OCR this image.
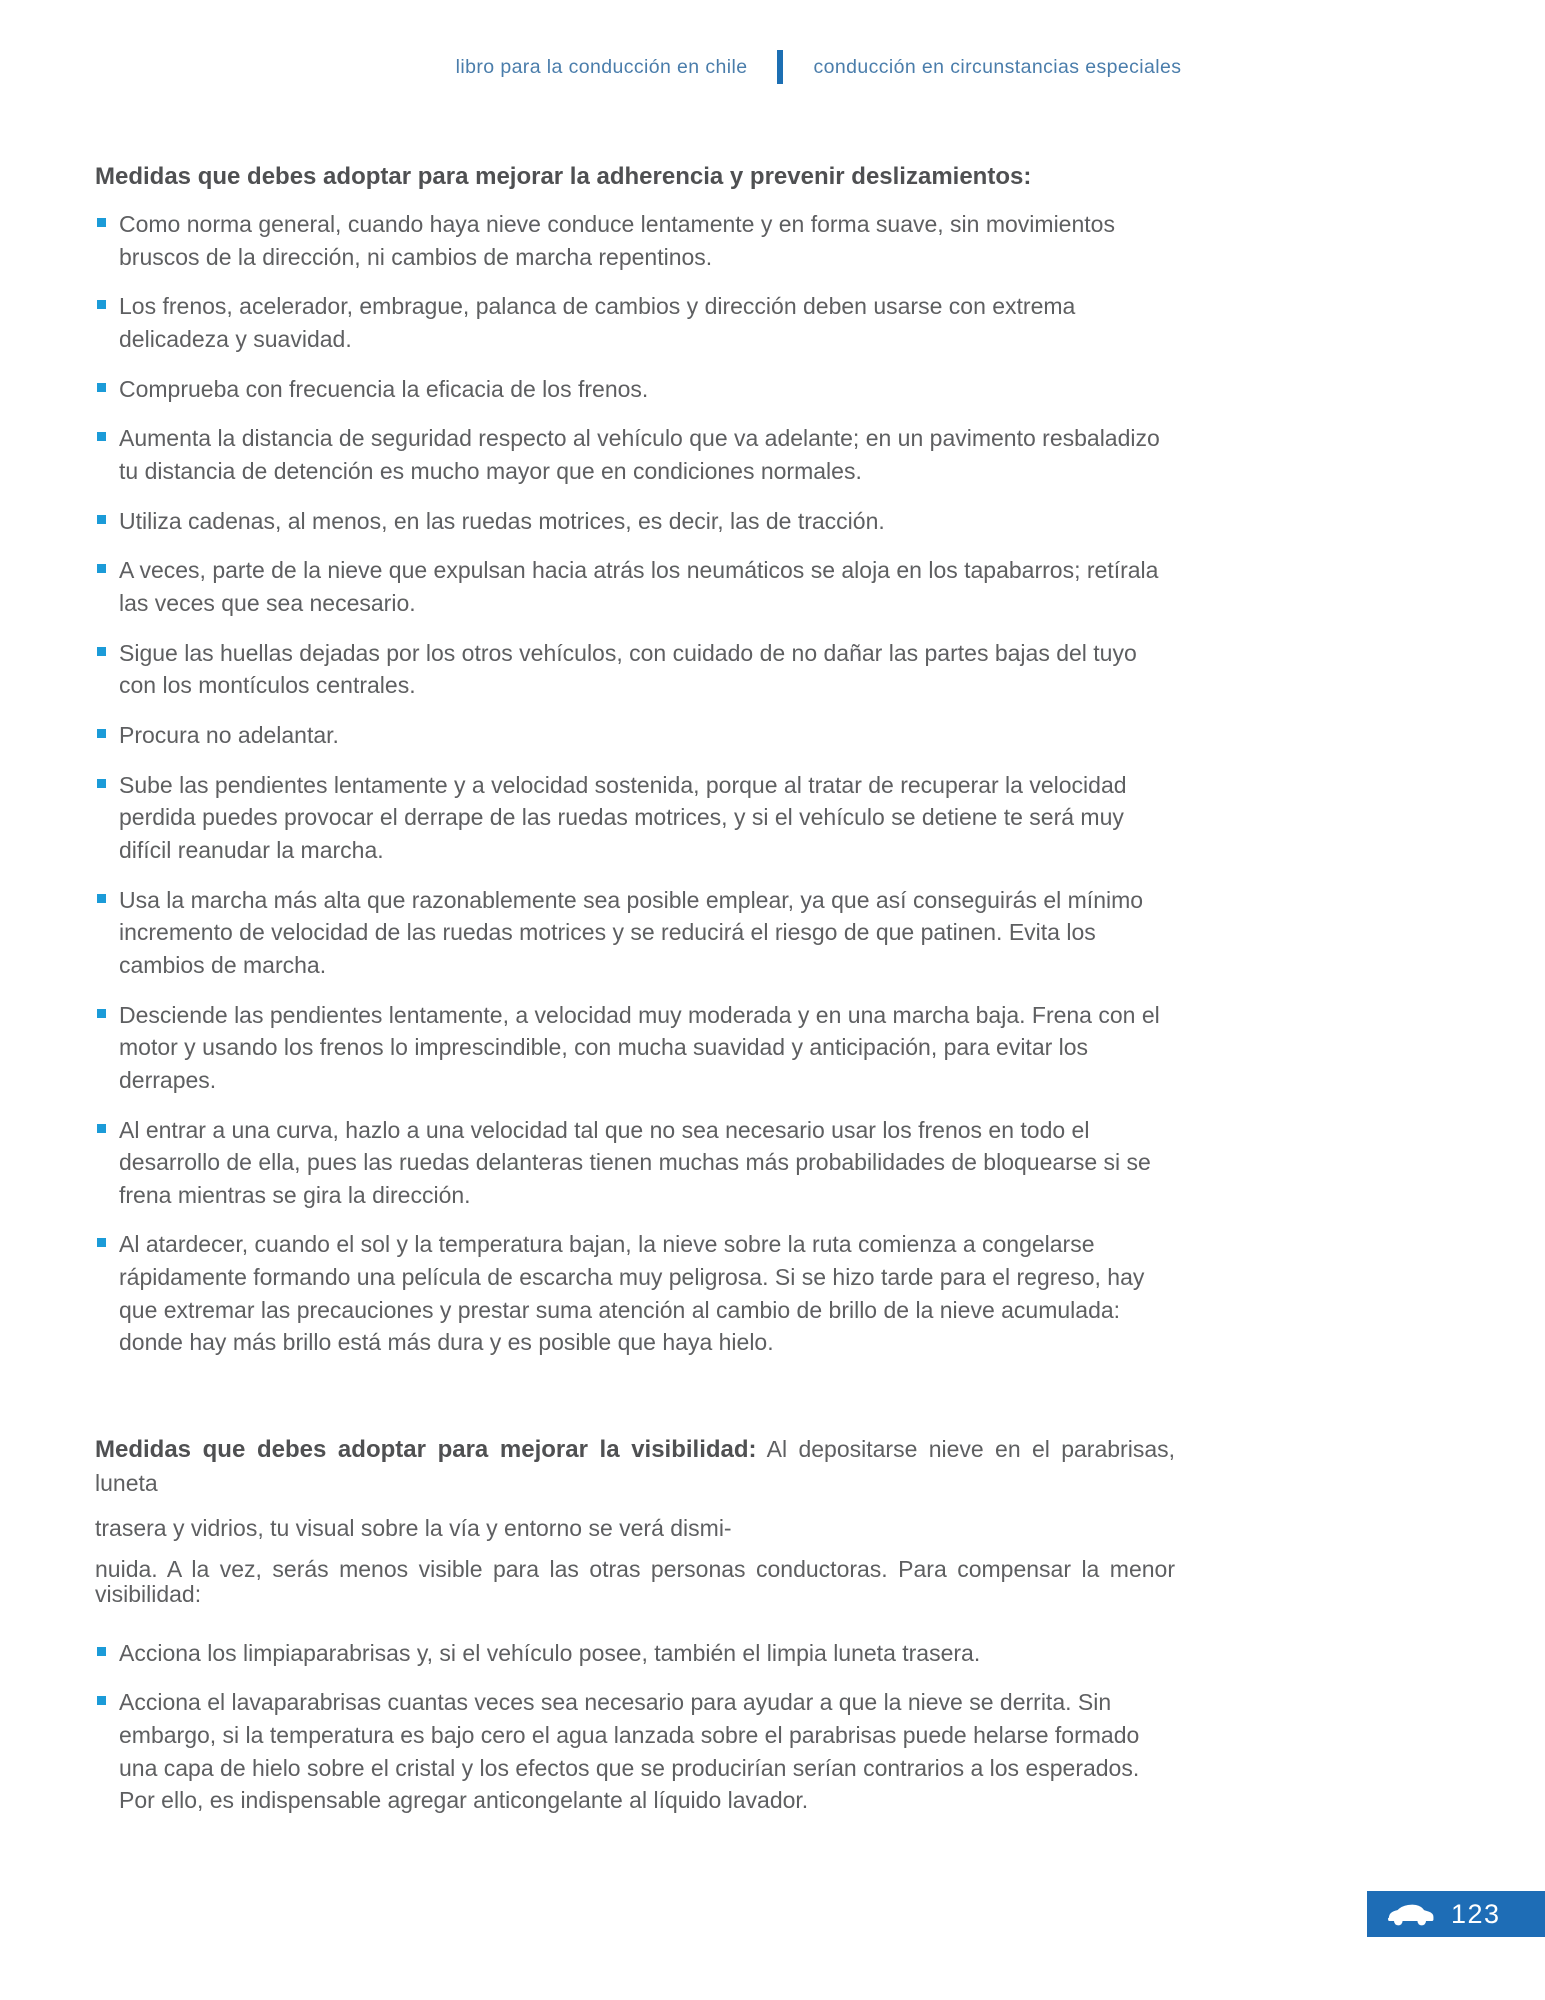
libro para la conducción en chile	conducción en circunstancias especiales

Medidas que debes adoptar para mejorar la adherencia y prevenir deslizamientos:

Como norma general, cuando haya nieve conduce lentamente y en forma suave, sin movimientos bruscos de la dirección, ni cambios de marcha repentinos.
Los frenos, acelerador, embrague, palanca de cambios y dirección deben usarse con extrema delicadeza y suavidad.
Comprueba con frecuencia la eficacia de los frenos.
Aumenta la distancia de seguridad respecto al vehículo que va adelante; en un pavimento resbaladizo tu distancia de detención es mucho mayor que en condiciones normales.
Utiliza cadenas, al menos, en las ruedas motrices, es decir, las de tracción.
A veces, parte de la nieve que expulsan hacia atrás los neumáticos se aloja en los tapabarros; retírala las veces que sea necesario.
Sigue las huellas dejadas por los otros vehículos, con cuidado de no dañar las partes bajas del tuyo con los montículos centrales.
Procura no adelantar.
Sube las pendientes lentamente y a velocidad sostenida, porque al tratar de recuperar la velocidad perdida puedes provocar el derrape de las ruedas motrices, y si el vehículo se detiene te será muy difícil reanudar la marcha.
Usa la marcha más alta que razonablemente sea posible emplear, ya que así conseguirás el mínimo incremento de velocidad de las ruedas motrices y se reducirá el riesgo de que patinen. Evita los cambios de marcha.
Desciende las pendientes lentamente, a velocidad muy moderada y en una marcha baja. Frena con el motor y usando los frenos lo imprescindible, con mucha suavidad y anticipación, para evitar los derrapes.
Al entrar a una curva, hazlo a una velocidad tal que no sea necesario usar los frenos en todo el desarrollo de ella, pues las ruedas delanteras tienen muchas más probabilidades de bloquearse si se frena mientras se gira la dirección.
Al atardecer, cuando el sol y la temperatura bajan, la nieve sobre la ruta comienza a congelarse rápidamente formando una película de escarcha muy peligrosa. Si se hizo tarde para el regreso, hay que extremar las precauciones y prestar suma atención al cambio de brillo de la nieve acumulada: donde hay más brillo está más dura y es posible que haya hielo.

Medidas que debes adoptar para mejorar la visibilidad: Al depositarse nieve en el parabrisas, luneta

trasera y vidrios, tu visual sobre la vía y entorno se verá dismi-

nuida. A la vez, serás menos visible para las otras personas conductoras. Para compensar la menor

visibilidad:

Acciona los limpiaparabrisas y, si el vehículo posee, también el limpia luneta trasera.
Acciona el lavaparabrisas cuantas veces sea necesario para ayudar a que la nieve se derrita. Sin embargo, si la temperatura es bajo cero el agua lanzada sobre el parabrisas puede helarse formado una capa de hielo sobre el cristal y los efectos que se producirían serían contrarios a los esperados. Por ello, es indispensable agregar anticongelante al líquido lavador.
123
